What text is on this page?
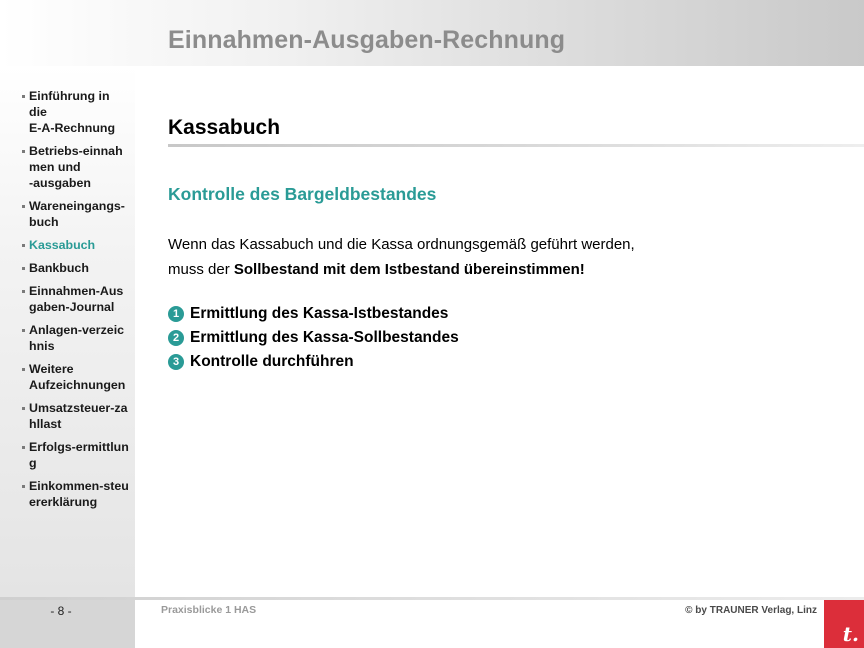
Einnahmen-Ausgaben-Rechnung
Einführung in
die
E-A-Rechnung
Betriebs-einnah
men und
-ausgaben
Wareneingangs-
buch
Kassabuch
Bankbuch
Einnahmen-Aus
gaben-Journal
Anlagen-verzeic
hnis
Weitere
Aufzeichnungen
Umsatzsteuer-za
hllast
Erfolgs-ermittlun
g
Einkommen-steu
ererklärung
Kassabuch
Kontrolle des Bargeldbestandes
Wenn das Kassabuch und die Kassa ordnungsgemäß geführt werden,
muss der Sollbestand mit dem Istbestand übereinstimmen!
1 Ermittlung des Kassa-Istbestandes
2 Ermittlung des Kassa-Sollbestandes
3 Kontrolle durchführen
- 8 -	Praxisblicke 1 HAS	© by TRAUNER Verlag, Linz
t.
